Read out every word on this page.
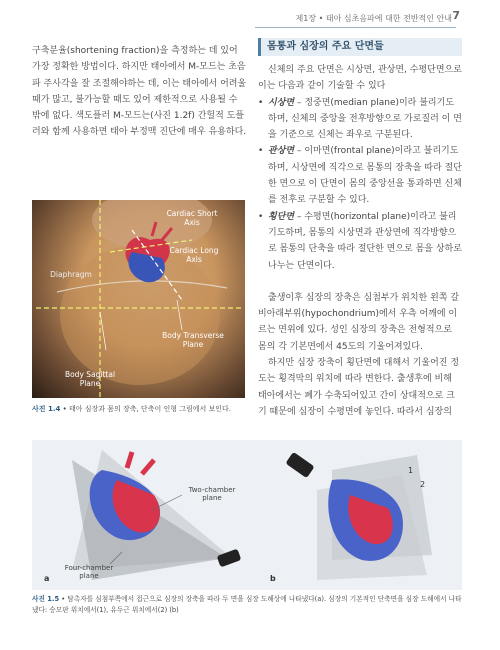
제1장 • 태아 심초음파에 대한 전반적인 안내 7

구축분율(shortening fraction)을 측정하는 데 있어 가장 정확한 방법이다. 하지만 태아에서 M-모드는 초음파 주사각을 잘 조절해야하는 데, 이는 태아에서 어려울 때가 많고, 불가능할 때도 있어 제한적으로 사용될 수 밖에 없다. 색도플러 M-모드는(사진 1.2f) 간헐적 도플러와 함께 사용하면 태아 부정맥 진단에 매우 유용하다.

Cardiac Short Axis
Cardiac Long Axis
Diaphragm
Body Transverse Plane
Body Sagittal Plane
사진 1.4 • 태아 심장과 몸의 장축, 단축이 인형 그림에서 보인다.
몸통과 심장의 주요 단면들

신체의 주요 단면은 시상면, 관상면, 수평단면으로 이는 다음과 같이 기술할 수 있다

• 시상면 – 정중면(median plane)이라 불리기도 하며, 신체의 중앙을 전후방향으로 가로질러 이 면을 기준으로 신체는 좌우로 구분된다.
• 관상면 – 이마면(frontal plane)이라고 불리기도 하며, 시상면에 직각으로 몸통의 장축을 따라 절단한 면으로 이 단면이 몸의 중앙선을 통과하면 신체를 전후로 구분할 수 있다.
• 횡단면 – 수평면(horizontal plane)이라고 불리기도하며, 몸통의 시상면과 관상면에 직각방향으로 몸통의 단축을 따라 절단한 면으로 몸을 상하로 나누는 단면이다.

출생이후 심장의 장축은 심첨부가 위치한 왼쪽 갈비아래부위(hypochondrium)에서 우측 어깨에 이르는 면위에 있다. 성인 심장의 장축은 전형적으로 몸의 각 기본면에서 45도의 기울어져있다.

하지만 심장 장축이 횡단면에 대해서 기울어진 정도는 횡격막의 위치에 따라 변한다. 출생후에 비해 태아에서는 폐가 수축되어있고 간이 상대적으로 크기 때문에 심장이 수평면에 놓인다. 따라서 심장의

Two-chamber plane
Four-chamber plane
a	b
1
2
사진 1.5 • 탐촉자를 심첨부쪽에서 접근으로 심장의 장축을 따라 두 면을 심장 도해상에 나타냈다(a). 심장의 기본적인 단축면을 심장 도해에서 나타냈다: 승모판 위치에서(1), 유두근 위치에서(2) (b)
